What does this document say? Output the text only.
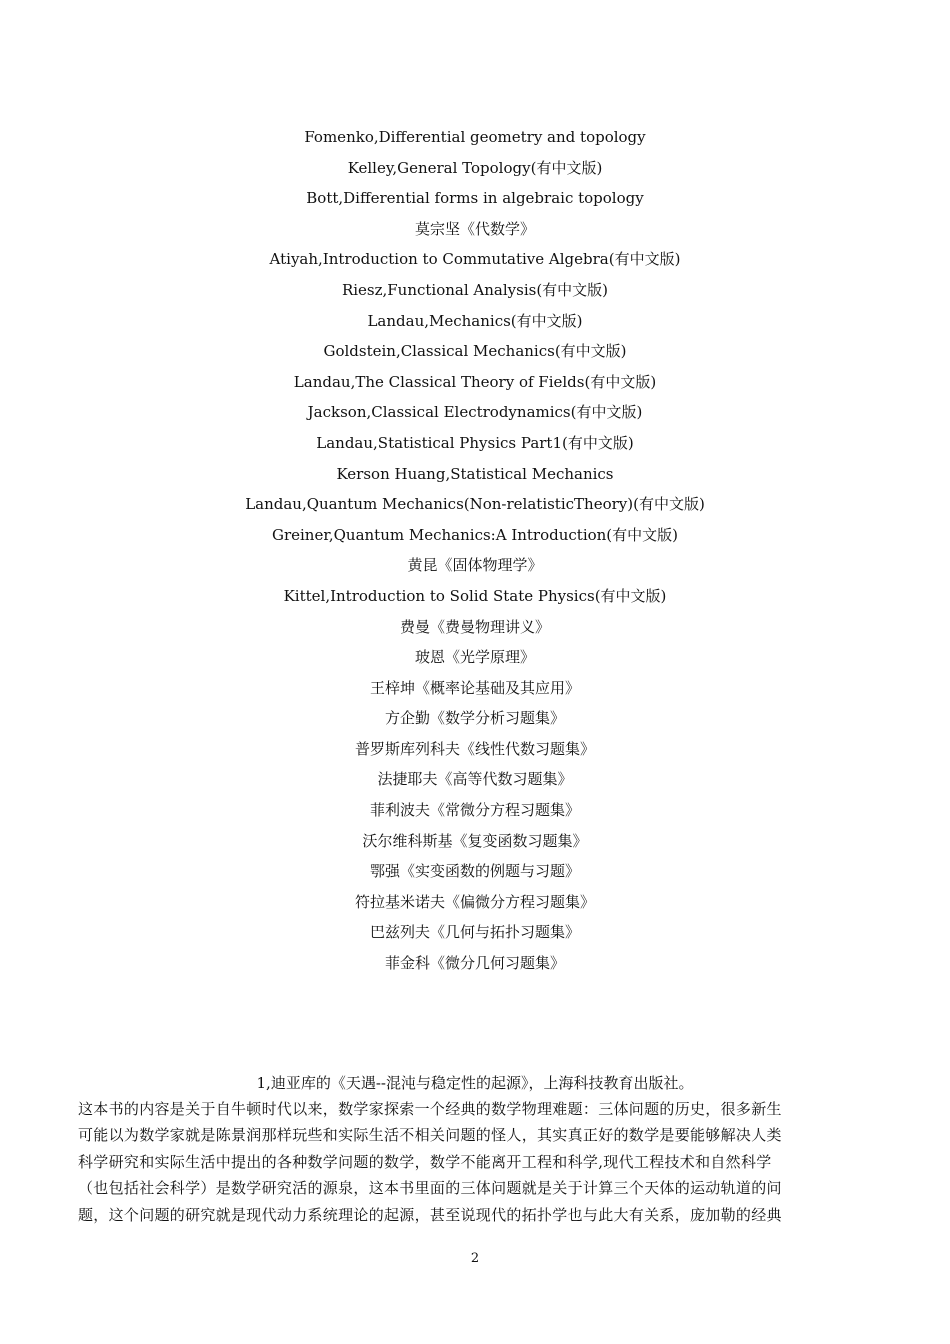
Fomenko,Differential geometry and topology
Kelley,General Topology(有中文版)
Bott,Differential forms in algebraic topology
莫宗坚《代数学》
Atiyah,Introduction to Commutative Algebra(有中文版)
Riesz,Functional Analysis(有中文版)
Landau,Mechanics(有中文版)
Goldstein,Classical Mechanics(有中文版)
Landau,The Classical Theory of Fields(有中文版)
Jackson,Classical Electrodynamics(有中文版)
Landau,Statistical Physics Part1(有中文版)
Kerson Huang,Statistical Mechanics
Landau,Quantum Mechanics(Non-relatisticTheory)(有中文版)
Greiner,Quantum Mechanics:A Introduction(有中文版)
黄昆《固体物理学》
Kittel,Introduction to Solid State Physics(有中文版)
费曼《费曼物理讲义》
玻恩《光学原理》
王梓坤《概率论基础及其应用》
方企勤《数学分析习题集》
普罗斯库列科夫《线性代数习题集》
法捷耶夫《高等代数习题集》
菲利波夫《常微分方程习题集》
沃尔维科斯基《复变函数习题集》
鄂强《实变函数的例题与习题》
符拉基米诺夫《偏微分方程习题集》
巴兹列夫《几何与拓扑习题集》
菲金科《微分几何习题集》
1,迪亚库的《天遇--混沌与稳定性的起源》，上海科技教育出版社。
这本书的内容是关于自牛顿时代以来，数学家探索一个经典的数学物理难题：三体问题的历史，很多新生
可能以为数学家就是陈景润那样玩些和实际生活不相关问题的怪人，其实真正好的数学是要能够解决人类
科学研究和实际生活中提出的各种数学问题的数学，数学不能离开工程和科学,现代工程技术和自然科学
（也包括社会科学）是数学研究活的源泉，这本书里面的三体问题就是关于计算三个天体的运动轨道的问
题，这个问题的研究就是现代动力系统理论的起源，甚至说现代的拓扑学也与此大有关系，庞加勒的经典
2
